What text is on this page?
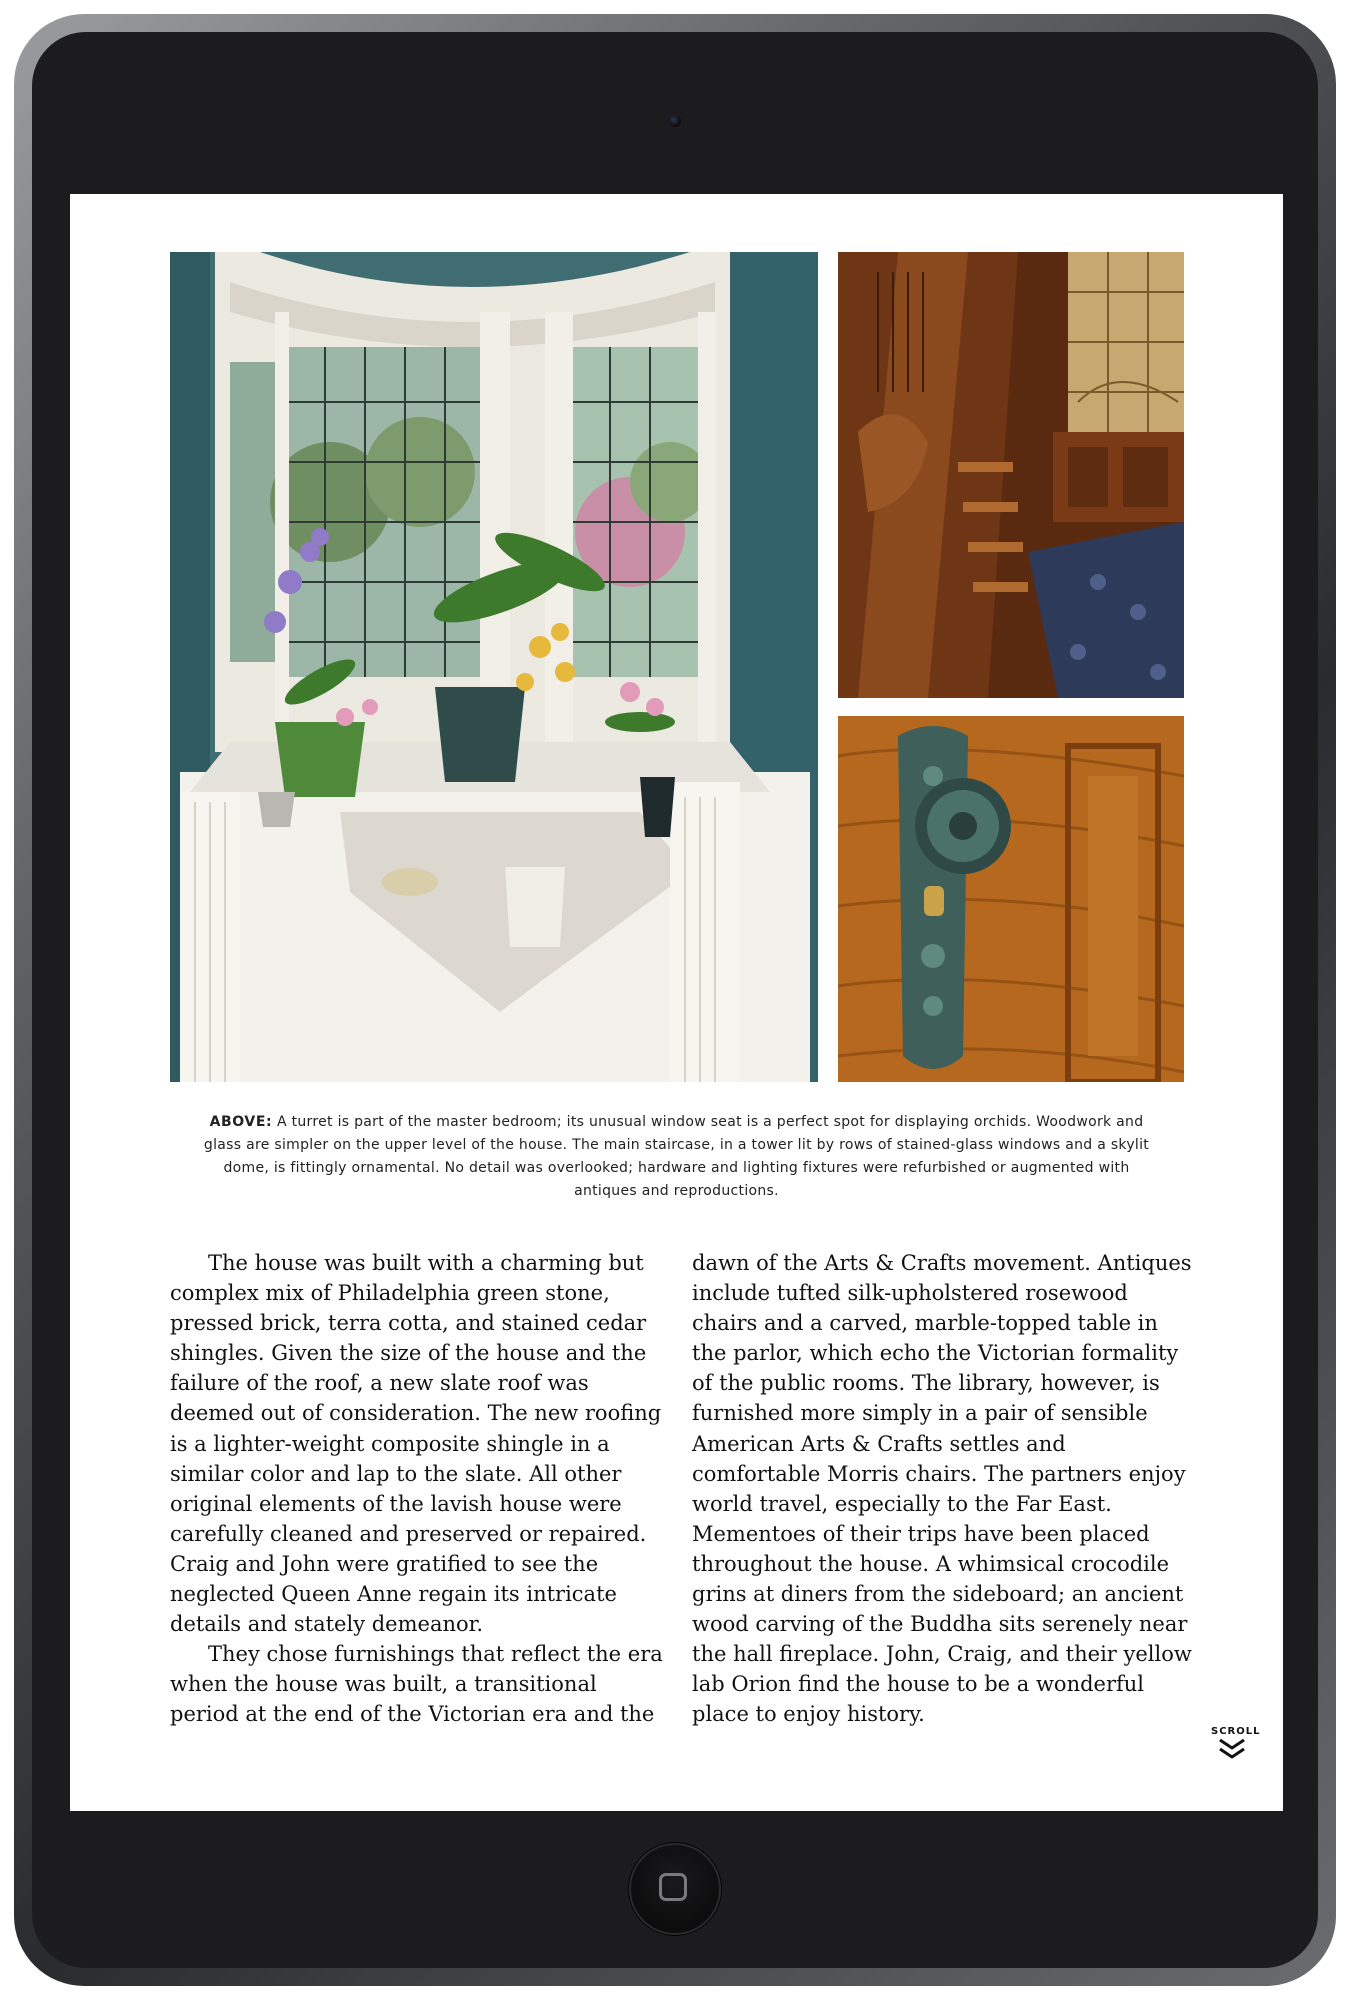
ABOVE: A turret is part of the master bedroom; its unusual window seat is a perfect spot for displaying orchids. Woodwork and glass are simpler on the upper level of the house. The main staircase, in a tower lit by rows of stained-glass windows and a skylit dome, is fittingly ornamental. No detail was overlooked; hardware and lighting fixtures were refurbished or augmented with antiques and reproductions.

The house was built with a charming but complex mix of Philadelphia green stone, pressed brick, terra cotta, and stained cedar shingles. Given the size of the house and the failure of the roof, a new slate roof was deemed out of consideration. The new roofing is a lighter-weight composite shingle in a similar color and lap to the slate. All other original elements of the lavish house were carefully cleaned and preserved or repaired. Craig and John were gratified to see the neglected Queen Anne regain its intricate details and stately demeanor.

They chose furnishings that reflect the era when the house was built, a transitional period at the end of the Victorian era and the

dawn of the Arts & Crafts movement. Antiques include tufted silk-upholstered rosewood chairs and a carved, marble-topped table in the parlor, which echo the Victorian formality of the public rooms. The library, however, is furnished more simply in a pair of sensible American Arts & Crafts settles and comfortable Morris chairs. The partners enjoy world travel, especially to the Far East. Mementoes of their trips have been placed throughout the house. A whimsical crocodile grins at diners from the sideboard; an ancient wood carving of the Buddha sits serenely near the hall fireplace. John, Craig, and their yellow lab Orion find the house to be a wonderful place to enjoy history.

SCROLL
